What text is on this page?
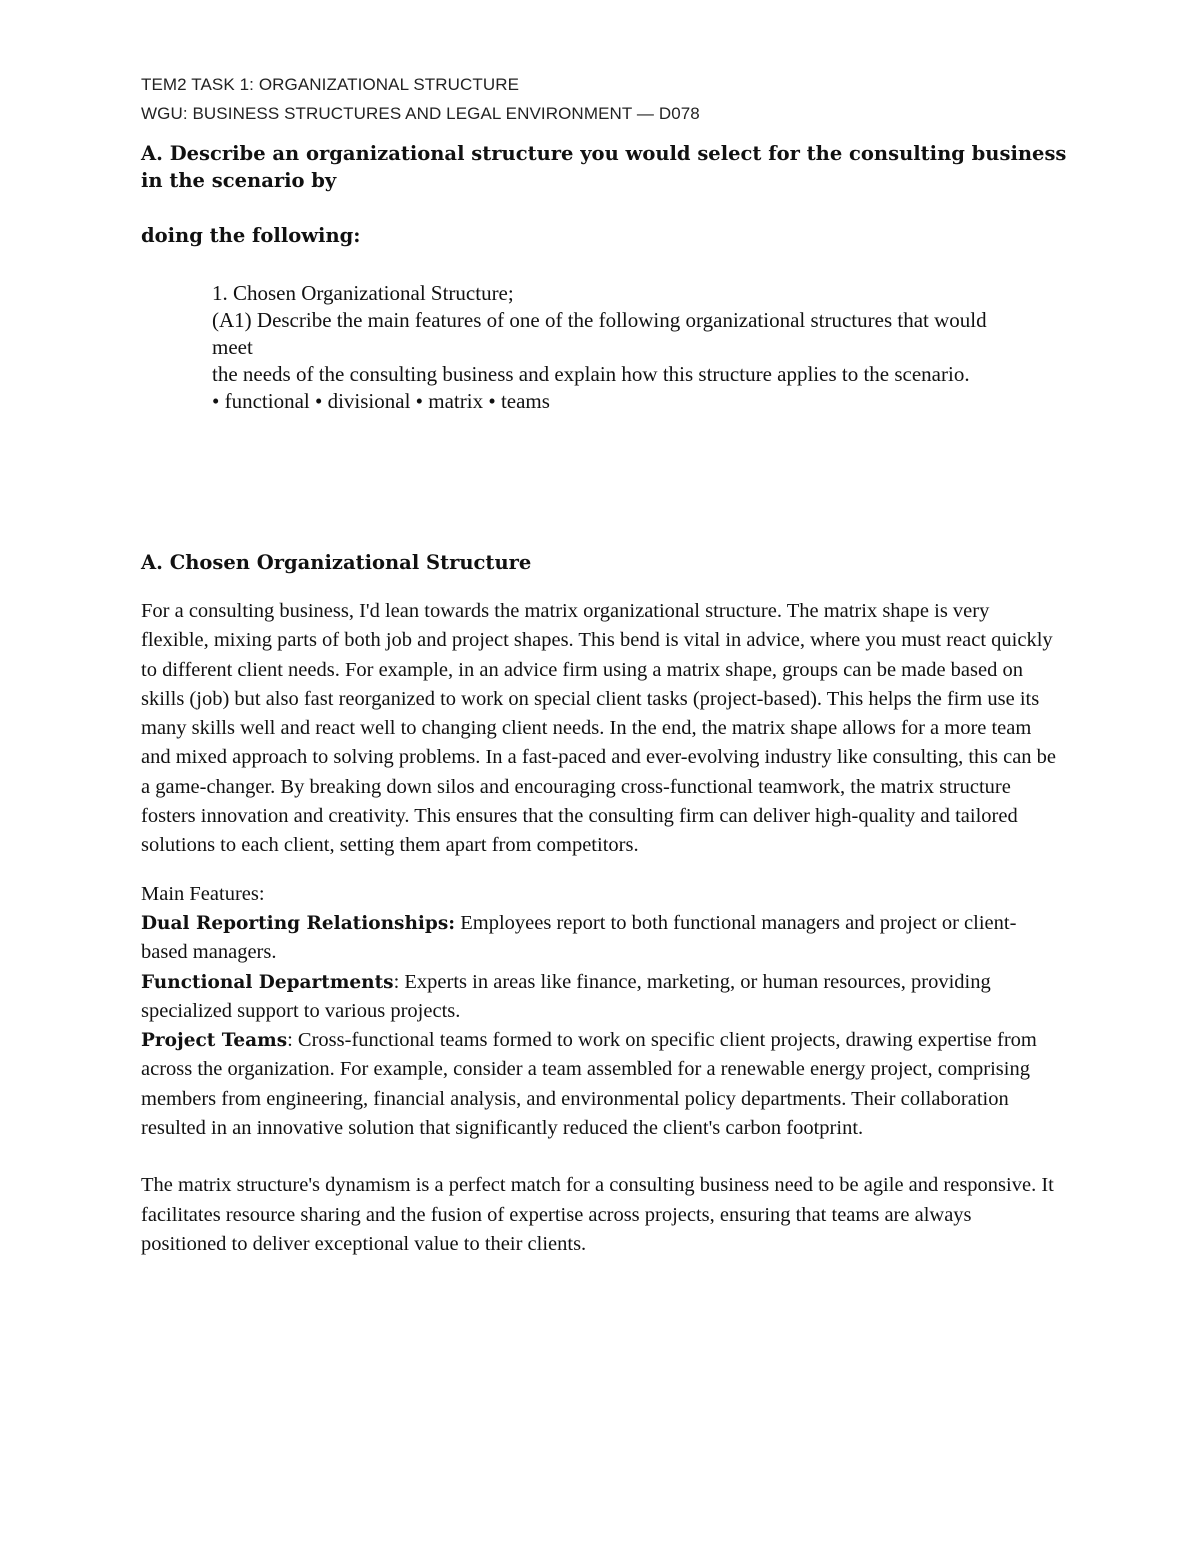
TEM2 TASK 1: ORGANIZATIONAL STRUCTURE
WGU: BUSINESS STRUCTURES AND LEGAL ENVIRONMENT — D078
A. Describe an organizational structure you would select for the consulting business in the scenario by
doing the following:

1. Chosen Organizational Structure;

(A1) Describe the main features of one of the following organizational structures that would meet

the needs of the consulting business and explain how this structure applies to the scenario.

• functional • divisional • matrix • teams

A. Chosen Organizational Structure

For a consulting business, I'd lean towards the matrix organizational structure. The matrix shape is very flexible, mixing parts of both job and project shapes. This bend is vital in advice, where you must react quickly to different client needs. For example, in an advice firm using a matrix shape, groups can be made based on skills (job) but also fast reorganized to work on special client tasks (project-based). This helps the firm use its many skills well and react well to changing client needs. In the end, the matrix shape allows for a more team and mixed approach to solving problems. In a fast-paced and ever-evolving industry like consulting, this can be a game-changer. By breaking down silos and encouraging cross-functional teamwork, the matrix structure fosters innovation and creativity. This ensures that the consulting firm can deliver high-quality and tailored solutions to each client, setting them apart from competitors.

Main Features:

Dual Reporting Relationships: Employees report to both functional managers and project or client-based managers.

Functional Departments: Experts in areas like finance, marketing, or human resources, providing specialized support to various projects.

Project Teams: Cross-functional teams formed to work on specific client projects, drawing expertise from across the organization. For example, consider a team assembled for a renewable energy project, comprising members from engineering, financial analysis, and environmental policy departments. Their collaboration resulted in an innovative solution that significantly reduced the client's carbon footprint.

The matrix structure's dynamism is a perfect match for a consulting business need to be agile and responsive. It facilitates resource sharing and the fusion of expertise across projects, ensuring that teams are always positioned to deliver exceptional value to their clients.
